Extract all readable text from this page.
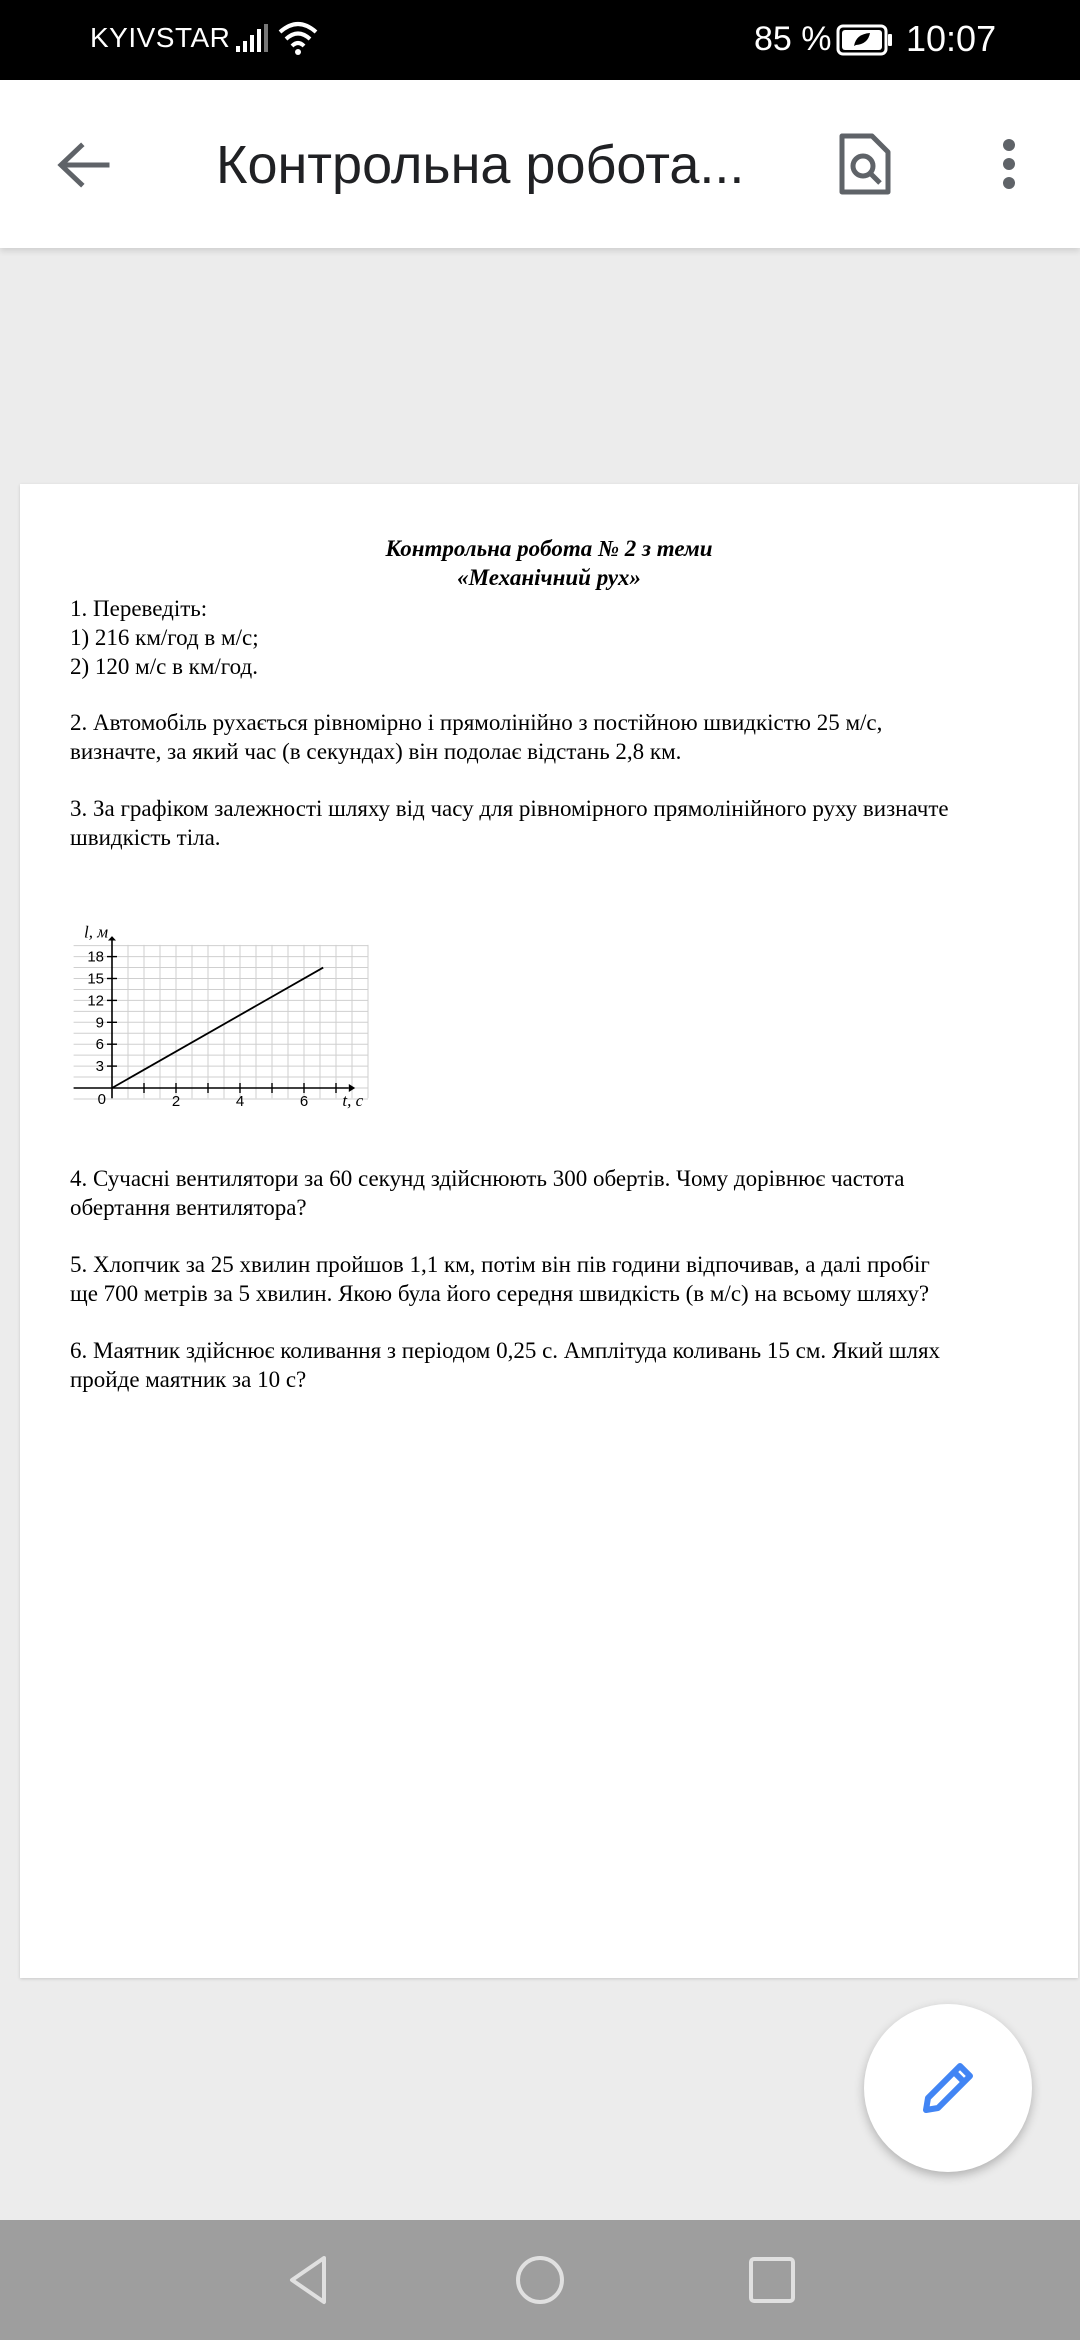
KYIVSTAR	85 % 10:07
Контрольна робота...
Контрольна робота № 2 з теми
«Механічний рух»
1. Переведіть:
1) 216 км/год в м/с;
2) 120 м/с в км/год.
2. Автомобіль рухається рівномірно і прямолінійно з постійною швидкістю 25 м/с,
визначте, за який час (в секундах) він подолає відстань 2,8 км.
3. За графіком залежності шляху від часу для рівномірного прямолінійного руху визначте
швидкість тіла.
2	4	6
3
6
9
12
15
18
0	t, с
l, м
4. Сучасні вентилятори за 60 секунд здійснюють 300 обертів. Чому дорівнює частота
обертання вентилятора?
5. Хлопчик за 25 хвилин пройшов 1,1 км, потім він пів години відпочивав, а далі пробіг
ще 700 метрів за 5 хвилин. Якою була його середня швидкість (в м/с) на всьому шляху?
6. Маятник здійснює коливання з періодом 0,25 с. Амплітуда коливань 15 см. Який шлях
пройде маятник за 10 с?
